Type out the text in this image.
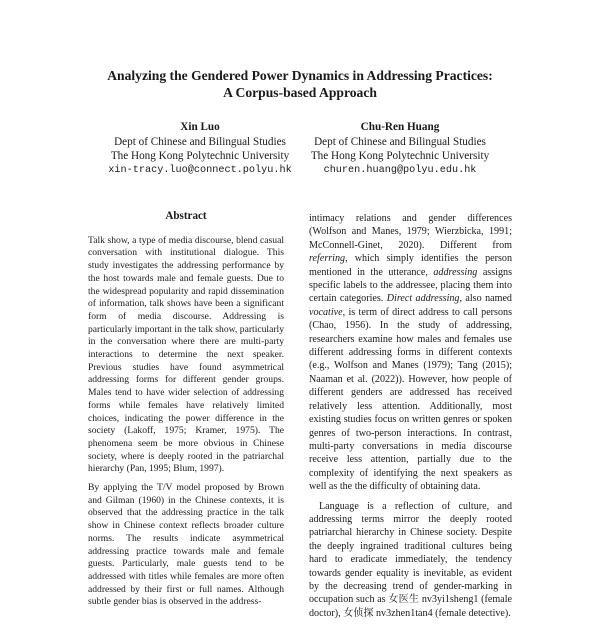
Analyzing the Gendered Power Dynamics in Addressing Practices:
A Corpus-based Approach
Xin Luo
Dept of Chinese and Bilingual Studies
The Hong Kong Polytechnic University
xin-tracy.luo@connect.polyu.hk
Chu-Ren Huang
Dept of Chinese and Bilingual Studies
The Hong Kong Polytechnic University
churen.huang@polyu.edu.hk
Abstract

Talk show, a type of media discourse, blend casual conversation with institutional dialogue. This study investigates the addressing performance by the host towards male and female guests. Due to the widespread popularity and rapid dissemination of information, talk shows have been a significant form of media discourse. Addressing is particularly important in the talk show, particularly in the conversation where there are multi-party interactions to determine the next speaker. Previous studies have found asymmetrical addressing forms for different gender groups. Males tend to have wider selection of addressing forms while females have relatively limited choices, indicating the power difference in the society (Lakoff, 1975; Kramer, 1975). The phenomena seem be more obvious in Chinese society, where is deeply rooted in the patriarchal hierarchy (Pan, 1995; Blum, 1997).

By applying the T/V model proposed by Brown and Gilman (1960) in the Chinese contexts, it is observed that the addressing practice in the talk show in Chinese context reflects broader culture norms. The results indicate asymmetrical addressing practice towards male and female guests. Particularly, male guests tend to be addressed with titles while females are more often addressed by their first or full names. Although subtle gender bias is observed in the address-

intimacy relations and gender differences (Wolfson and Manes, 1979; Wierzbicka, 1991; McConnell-Ginet, 2020). Different from referring, which simply identifies the person mentioned in the utterance, addressing assigns specific labels to the addressee, placing them into certain categories. Direct addressing, also named vocative, is term of direct address to call persons (Chao, 1956). In the study of addressing, researchers examine how males and females use different addressing forms in different contexts (e.g., Wolfson and Manes (1979); Tang (2015); Naaman et al. (2022)). However, how people of different genders are addressed has received relatively less attention. Additionally, most existing studies focus on written genres or spoken genres of two-person interactions. In contrast, multi-party conversations in media discourse receive less attention, partially due to the complexity of identifying the next speakers as well as the the difficulty of obtaining data.

Language is a reflection of culture, and addressing terms mirror the deeply rooted patriarchal hierarchy in Chinese society. Despite the deeply ingrained traditional cultures being hard to eradicate immediately, the tendency towards gender equality is inevitable, as evident by the decreasing trend of gender-marking in occupation such as 女医生 nv3yi1sheng1 (female doctor), 女侦探 nv3zhen1tan4 (female detective).
